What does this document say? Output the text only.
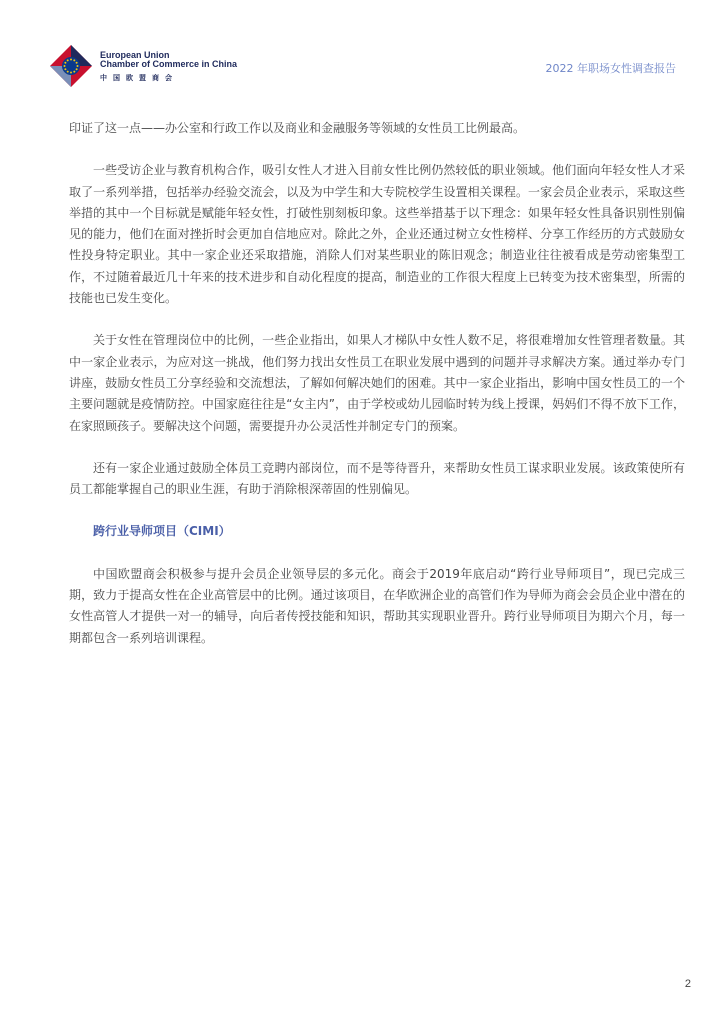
European Union
Chamber of Commerce in China
中国欧盟商会
2022 年职场女性调查报告

印证了这一点——办公室和行政工作以及商业和金融服务等领域的女性员工比例最高。

一些受访企业与教育机构合作，吸引女性人才进入目前女性比例仍然较低的职业领域。他们面向年轻女性人才采取了一系列举措，包括举办经验交流会，以及为中学生和大专院校学生设置相关课程。一家会员企业表示，采取这些举措的其中一个目标就是赋能年轻女性，打破性别刻板印象。这些举措基于以下理念：如果年轻女性具备识别性别偏见的能力，他们在面对挫折时会更加自信地应对。除此之外，企业还通过树立女性榜样、分享工作经历的方式鼓励女性投身特定职业。其中一家企业还采取措施，消除人们对某些职业的陈旧观念；制造业往往被看成是劳动密集型工作，不过随着最近几十年来的技术进步和自动化程度的提高，制造业的工作很大程度上已转变为技术密集型，所需的技能也已发生变化。

关于女性在管理岗位中的比例，一些企业指出，如果人才梯队中女性人数不足，将很难增加女性管理者数量。其中一家企业表示，为应对这一挑战，他们努力找出女性员工在职业发展中遇到的问题并寻求解决方案。通过举办专门讲座，鼓励女性员工分享经验和交流想法，了解如何解决她们的困难。其中一家企业指出，影响中国女性员工的一个主要问题就是疫情防控。中国家庭往往是“女主内”，由于学校或幼儿园临时转为线上授课，妈妈们不得不放下工作，在家照顾孩子。要解决这个问题，需要提升办公灵活性并制定专门的预案。

还有一家企业通过鼓励全体员工竞聘内部岗位，而不是等待晋升，来帮助女性员工谋求职业发展。该政策使所有员工都能掌握自己的职业生涯，有助于消除根深蒂固的性别偏见。

跨行业导师项目（CIMI）

中国欧盟商会积极参与提升会员企业领导层的多元化。商会于2019年底启动“跨行业导师项目”，现已完成三期，致力于提高女性在企业高管层中的比例。通过该项目，在华欧洲企业的高管们作为导师为商会会员企业中潜在的女性高管人才提供一对一的辅导，向后者传授技能和知识，帮助其实现职业晋升。跨行业导师项目为期六个月，每一期都包含一系列培训课程。

2
